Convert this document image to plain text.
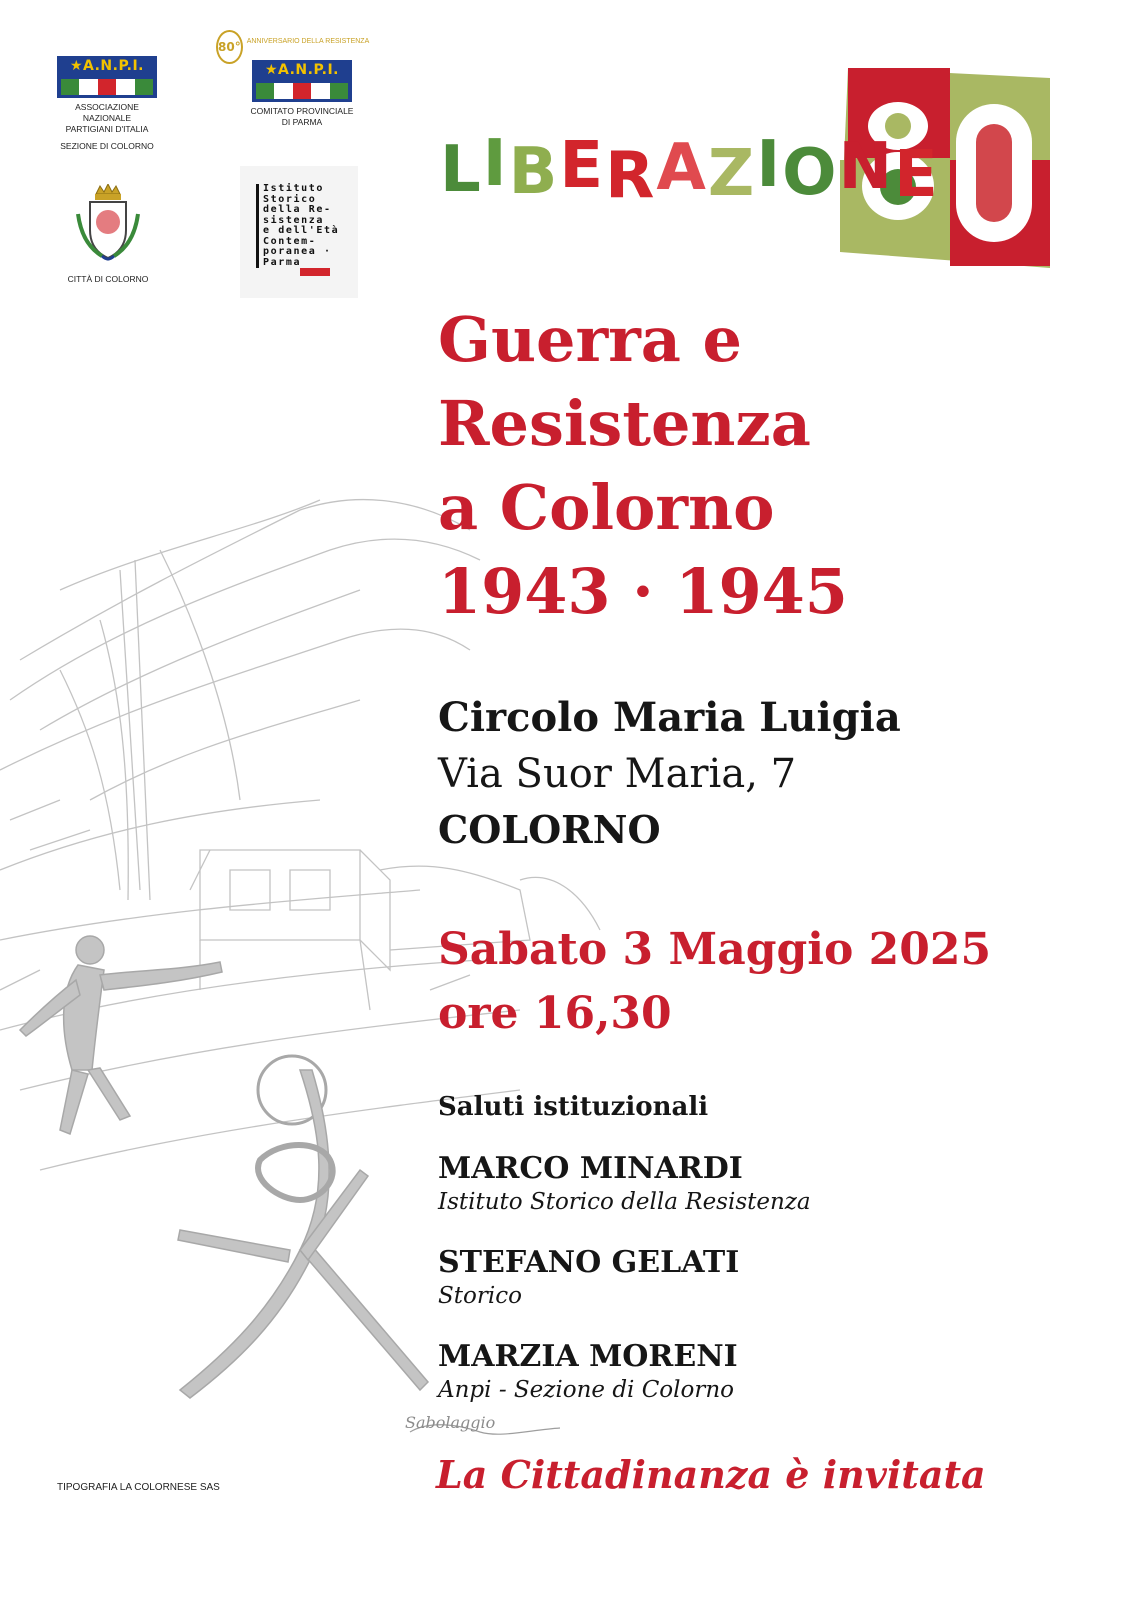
★A.N.P.I.
ASSOCIAZIONE NAZIONALE
PARTIGIANI D'ITALIA
SEZIONE DI COLORNO
80° ANNIVERSARIO DELLA RESISTENZA
★A.N.P.I.
COMITATO PROVINCIALE
DI PARMA
CITTÀ DI COLORNO
Istituto
Storico
della Re-
sistenza
e dell'Età
Contem-
poranea ·
Parma	80
LIBERAZIONE
Sabolaggio
Guerra e
Resistenza
a Colorno
1943 · 1945
Circolo Maria Luigia
Via Suor Maria, 7
COLORNO
Sabato 3 Maggio 2025
ore 16,30
Saluti istituzionali
MARCO MINARDI
Istituto Storico della Resistenza
STEFANO GELATI
Storico
MARZIA MORENI
Anpi - Sezione di Colorno
TIPOGRAFIA LA COLORNESE SAS	La Cittadinanza è invitata
